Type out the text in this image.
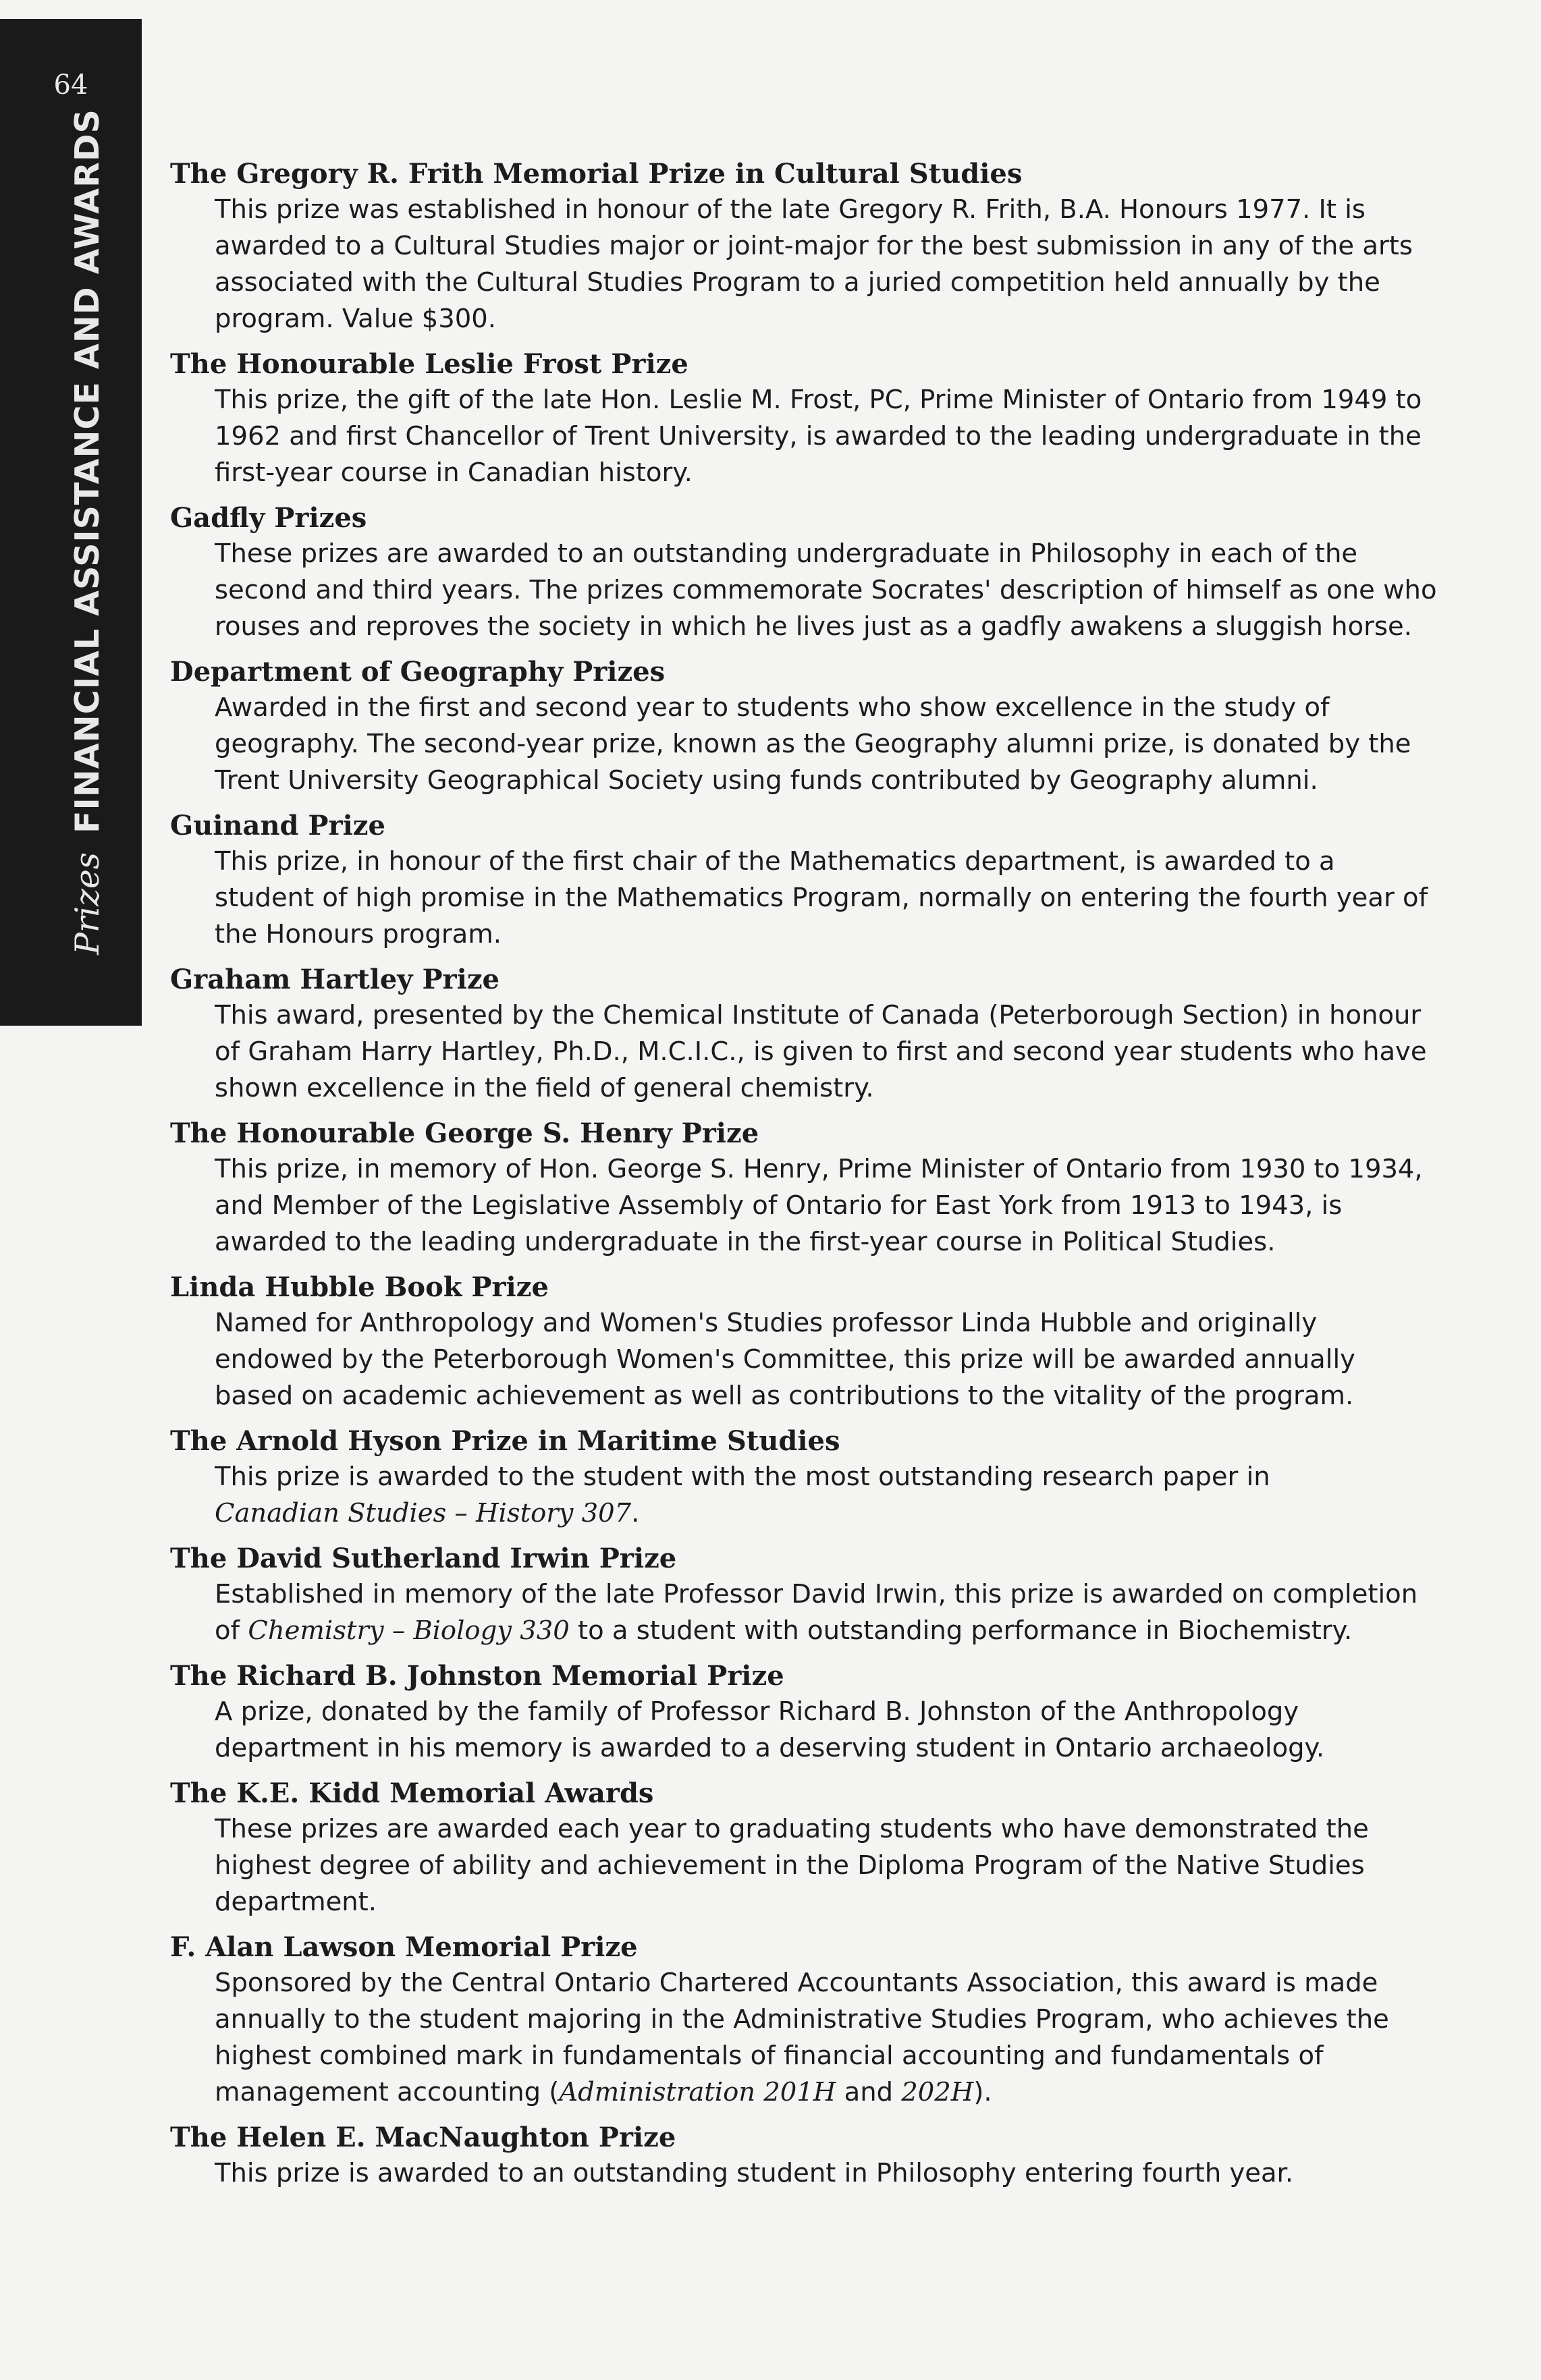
64
PrizesFINANCIAL ASSISTANCE AND AWARDS The Gregory R. Frith Memorial Prize in Cultural Studies

This prize was established in honour of the late Gregory R. Frith, B.A. Honours 1977. It is awarded to a Cultural Studies major or joint-major for the best submission in any of the arts associated with the Cultural Studies Program to a juried competition held annually by the program. Value $300.

The Honourable Leslie Frost Prize

This prize, the gift of the late Hon. Leslie M. Frost, PC, Prime Minister of Ontario from 1949 to 1962 and first Chancellor of Trent University, is awarded to the leading undergraduate in the first-year course in Canadian history.

Gadfly Prizes

These prizes are awarded to an outstanding undergraduate in Philosophy in each of the second and third years. The prizes commemorate Socrates' description of himself as one who rouses and reproves the society in which he lives just as a gadfly awakens a sluggish horse.

Department of Geography Prizes

Awarded in the first and second year to students who show excellence in the study of geography. The second-year prize, known as the Geography alumni prize, is donated by the Trent University Geographical Society using funds contributed by Geography alumni.

Guinand Prize

This prize, in honour of the first chair of the Mathematics department, is awarded to a student of high promise in the Mathematics Program, normally on entering the fourth year of the Honours program.

Graham Hartley Prize

This award, presented by the Chemical Institute of Canada (Peterborough Section) in honour of Graham Harry Hartley, Ph.D., M.C.I.C., is given to first and second year students who have shown excellence in the field of general chemistry.

The Honourable George S. Henry Prize

This prize, in memory of Hon. George S. Henry, Prime Minister of Ontario from 1930 to 1934, and Member of the Legislative Assembly of Ontario for East York from 1913 to 1943, is awarded to the leading undergraduate in the first-year course in Political Studies.

Linda Hubble Book Prize

Named for Anthropology and Women's Studies professor Linda Hubble and originally endowed by the Peterborough Women's Committee, this prize will be awarded annually based on academic achievement as well as contributions to the vitality of the program.

The Arnold Hyson Prize in Maritime Studies

This prize is awarded to the student with the most outstanding research paper in
Canadian Studies – History 307.

The David Sutherland Irwin Prize

Established in memory of the late Professor David Irwin, this prize is awarded on completion of Chemistry – Biology 330 to a student with outstanding performance in Biochemistry.

The Richard B. Johnston Memorial Prize

A prize, donated by the family of Professor Richard B. Johnston of the Anthropology department in his memory is awarded to a deserving student in Ontario archaeology.

The K.E. Kidd Memorial Awards

These prizes are awarded each year to graduating students who have demonstrated the highest degree of ability and achievement in the Diploma Program of the Native Studies department.

F. Alan Lawson Memorial Prize

Sponsored by the Central Ontario Chartered Accountants Association, this award is made annually to the student majoring in the Administrative Studies Program, who achieves the highest combined mark in fundamentals of financial accounting and fundamentals of management accounting (Administration 201H and 202H).

The Helen E. MacNaughton Prize

This prize is awarded to an outstanding student in Philosophy entering fourth year.
